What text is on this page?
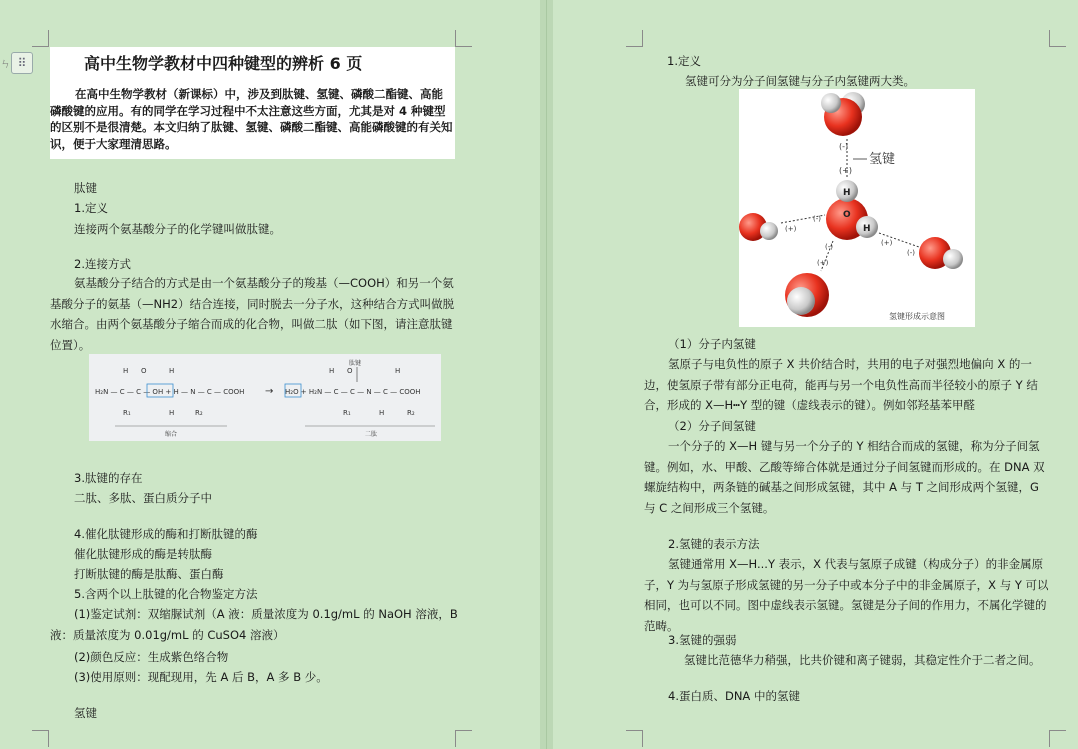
ㄣ ⠿	高中生物学教材中四种键型的辨析 6 页
在高中生物学教材（新课标）中，涉及到肽键、氢键、磷酸二酯键、高能磷酸键的应用。有的同学在学习过程中不太注意这些方面，尤其是对 4 种键型的区别不是很清楚。本文归纳了肽键、氢键、磷酸二酯键、高能磷酸键的有关知识，便于大家理清思路。
肽键
1.定义
连接两个氨基酸分子的化学键叫做肽键。
2.连接方式
氨基酸分子结合的方式是由一个氨基酸分子的羧基（—COOH）和另一个氨基酸分子的氨基（—NH2）结合连接，同时脱去一分子水，这种结合方式叫做脱水缩合。由两个氨基酸分子缩合而成的化合物，叫做二肽（如下图，请注意肽键位置）。
H O	H
H₂N — C — C — OH + H — N — C — COOH
R₁	H	R₂
→
肽键
H O	H
H₂O + H₂N — C — C — N — C — COOH
R₁	H	R₂
缩合	二肽
3.肽键的存在
二肽、多肽、蛋白质分子中
4.催化肽键形成的酶和打断肽键的酶
催化肽键形成的酶是转肽酶
打断肽键的酶是肽酶、蛋白酶
5.含两个以上肽键的化合物鉴定方法
(1)鉴定试剂：双缩脲试剂（A 液：质量浓度为 0.1g/mL 的 NaOH 溶液，B 液：质量浓度为 0.01g/mL 的 CuSO4 溶液）
(2)颜色反应：生成紫色络合物
(3)使用原则：现配现用，先 A 后 B，A 多 B 少。
氢键
1.定义
氢键可分为分子间氢键与分子内氢键两大类。
(-)
(+)
氢键
H
O
H
(+)
(-)
(+)
(-)
(-)
(+)
氢键形成示意图
（1）分子内氢键
氢原子与电负性的原子 X 共价结合时，共用的电子对强烈地偏向 X 的一边，使氢原子带有部分正电荷，能再与另一个电负性高而半径较小的原子 Y 结合，形成的 X—H┅Y 型的键（虚线表示的键）。例如邻羟基苯甲醛
（2）分子间氢键
一个分子的 X—H 键与另一个分子的 Y 相结合而成的氢键，称为分子间氢键。例如，水、甲酸、乙酸等缔合体就是通过分子间氢键而形成的。在 DNA 双螺旋结构中，两条链的碱基之间形成氢键，其中 A 与 T 之间形成两个氢键，G 与 C 之间形成三个氢键。
2.氢键的表示方法
氢键通常用 X—H...Y 表示，X 代表与氢原子成键（构成分子）的非金属原子，Y 为与氢原子形成氢键的另一分子中或本分子中的非金属原子，X 与 Y 可以相同，也可以不同。图中虚线表示氢键。氢键是分子间的作用力，不属化学键的范畴。
3.氢键的强弱
氢键比范德华力稍强，比共价键和离子键弱，其稳定性介于二者之间。
4.蛋白质、DNA 中的氢键
